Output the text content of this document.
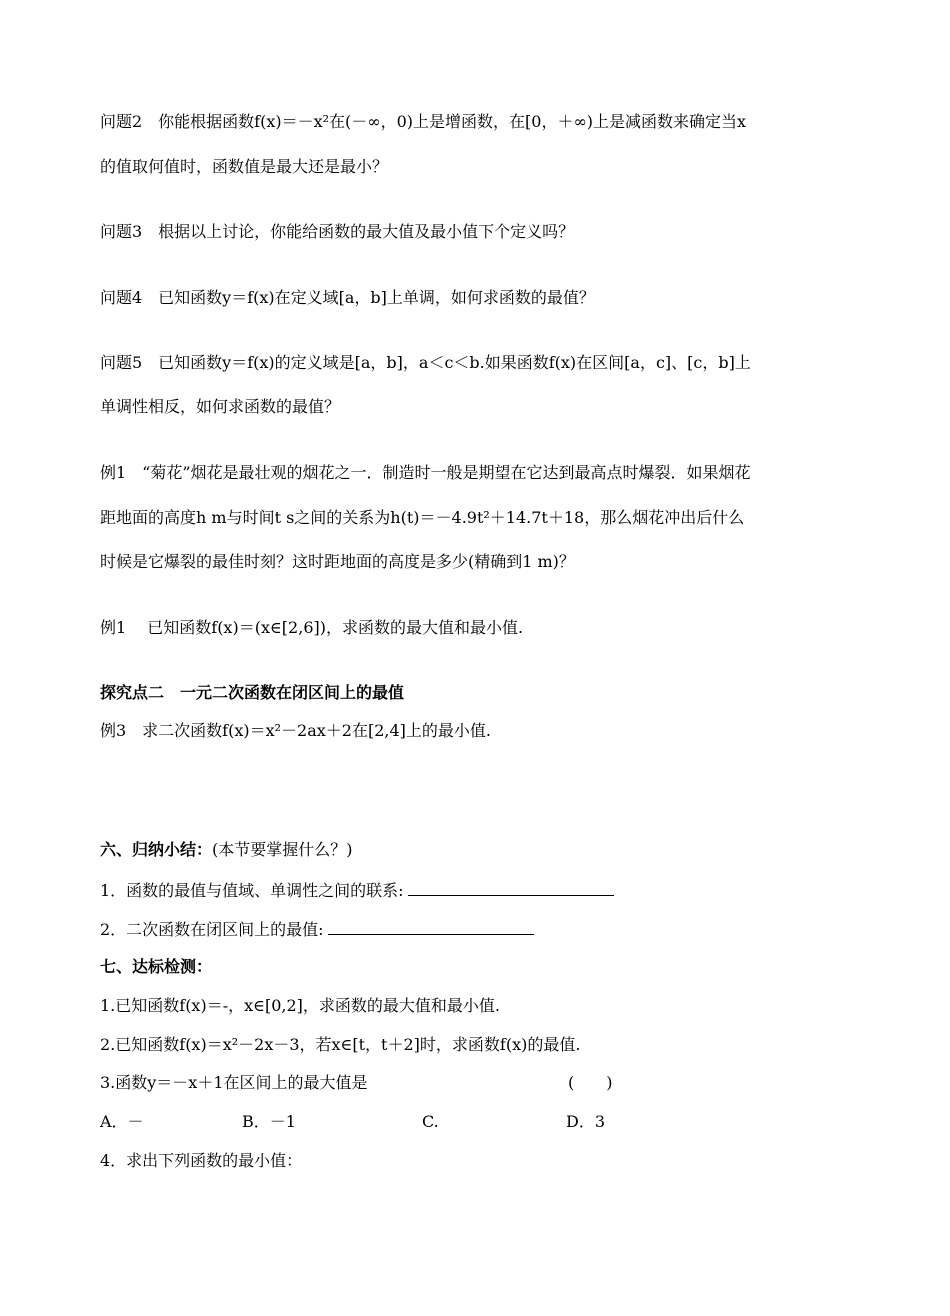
问题2　你能根据函数f(x)＝－x²在(－∞，0)上是增函数，在[0，＋∞)上是减函数来确定当x
的值取何值时，函数值是最大还是最小？
问题3　根据以上讨论，你能给函数的最大值及最小值下个定义吗？
问题4　已知函数y＝f(x)在定义域[a，b]上单调，如何求函数的最值？
问题5　已知函数y＝f(x)的定义域是[a，b]，a＜c＜b.如果函数f(x)在区间[a，c]、[c，b]上
单调性相反，如何求函数的最值？
例1　“菊花”烟花是最壮观的烟花之一．制造时一般是期望在它达到最高点时爆裂．如果烟花
距地面的高度h m与时间t s之间的关系为h(t)＝－4.9t²＋14.7t＋18，那么烟花冲出后什么
时候是它爆裂的最佳时刻？这时距地面的高度是多少(精确到1 m)？
例1　 已知函数f(x)＝(x∈[2,6])，求函数的最大值和最小值.
探究点二　一元二次函数在闭区间上的最值
例3　求二次函数f(x)＝x²－2ax＋2在[2,4]上的最小值.
六、归纳小结：(本节要掌握什么？)
1．函数的最值与值域、单调性之间的联系:
2．二次函数在闭区间上的最值:
七、达标检测：
1.已知函数f(x)＝-，x∈[0,2]，求函数的最大值和最小值.
2.已知函数f(x)＝x²－2x－3，若x∈[t，t＋2]时，求函数f(x)的最值.
3.函数y＝－x＋1在区间上的最大值是	(　　)
A．－	B．－1	C.	D．3
4．求出下列函数的最小值：
